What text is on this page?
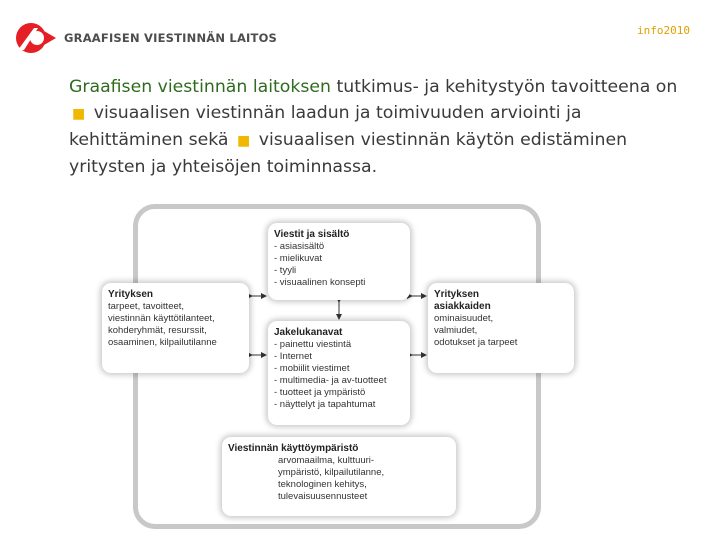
GRAAFISEN VIESTINNÄN LAITOS
info2010
Graafisen viestinnän laitoksen tutkimus- ja kehitystyön tavoitteena on ■ visuaalisen viestinnän laadun ja toimivuuden arviointi ja kehittäminen sekä ■ visuaalisen viestinnän käytön edistäminen yritysten ja yhteisöjen toiminnassa.
Viestit ja sisältö
- asiasisältö
- mielikuvat
- tyyli
- visuaalinen konsepti
Yrityksen
tarpeet, tavoitteet,
viestinnän käyttötilanteet,
kohderyhmät, resurssit,
osaaminen, kilpailutilanne
Yrityksen
asiakkaiden
ominaisuudet,
valmiudet,
odotukset ja tarpeet
Jakelukanavat
- painettu viestintä
- Internet
- mobiilit viestimet
- multimedia- ja av-tuotteet
- tuotteet ja ympäristö
- näyttelyt ja tapahtumat
Viestinnän käyttöympäristö
arvomaailma, kulttuuri-
ympäristö, kilpailutilanne,
teknologinen kehitys,
tulevaisuusennusteet
